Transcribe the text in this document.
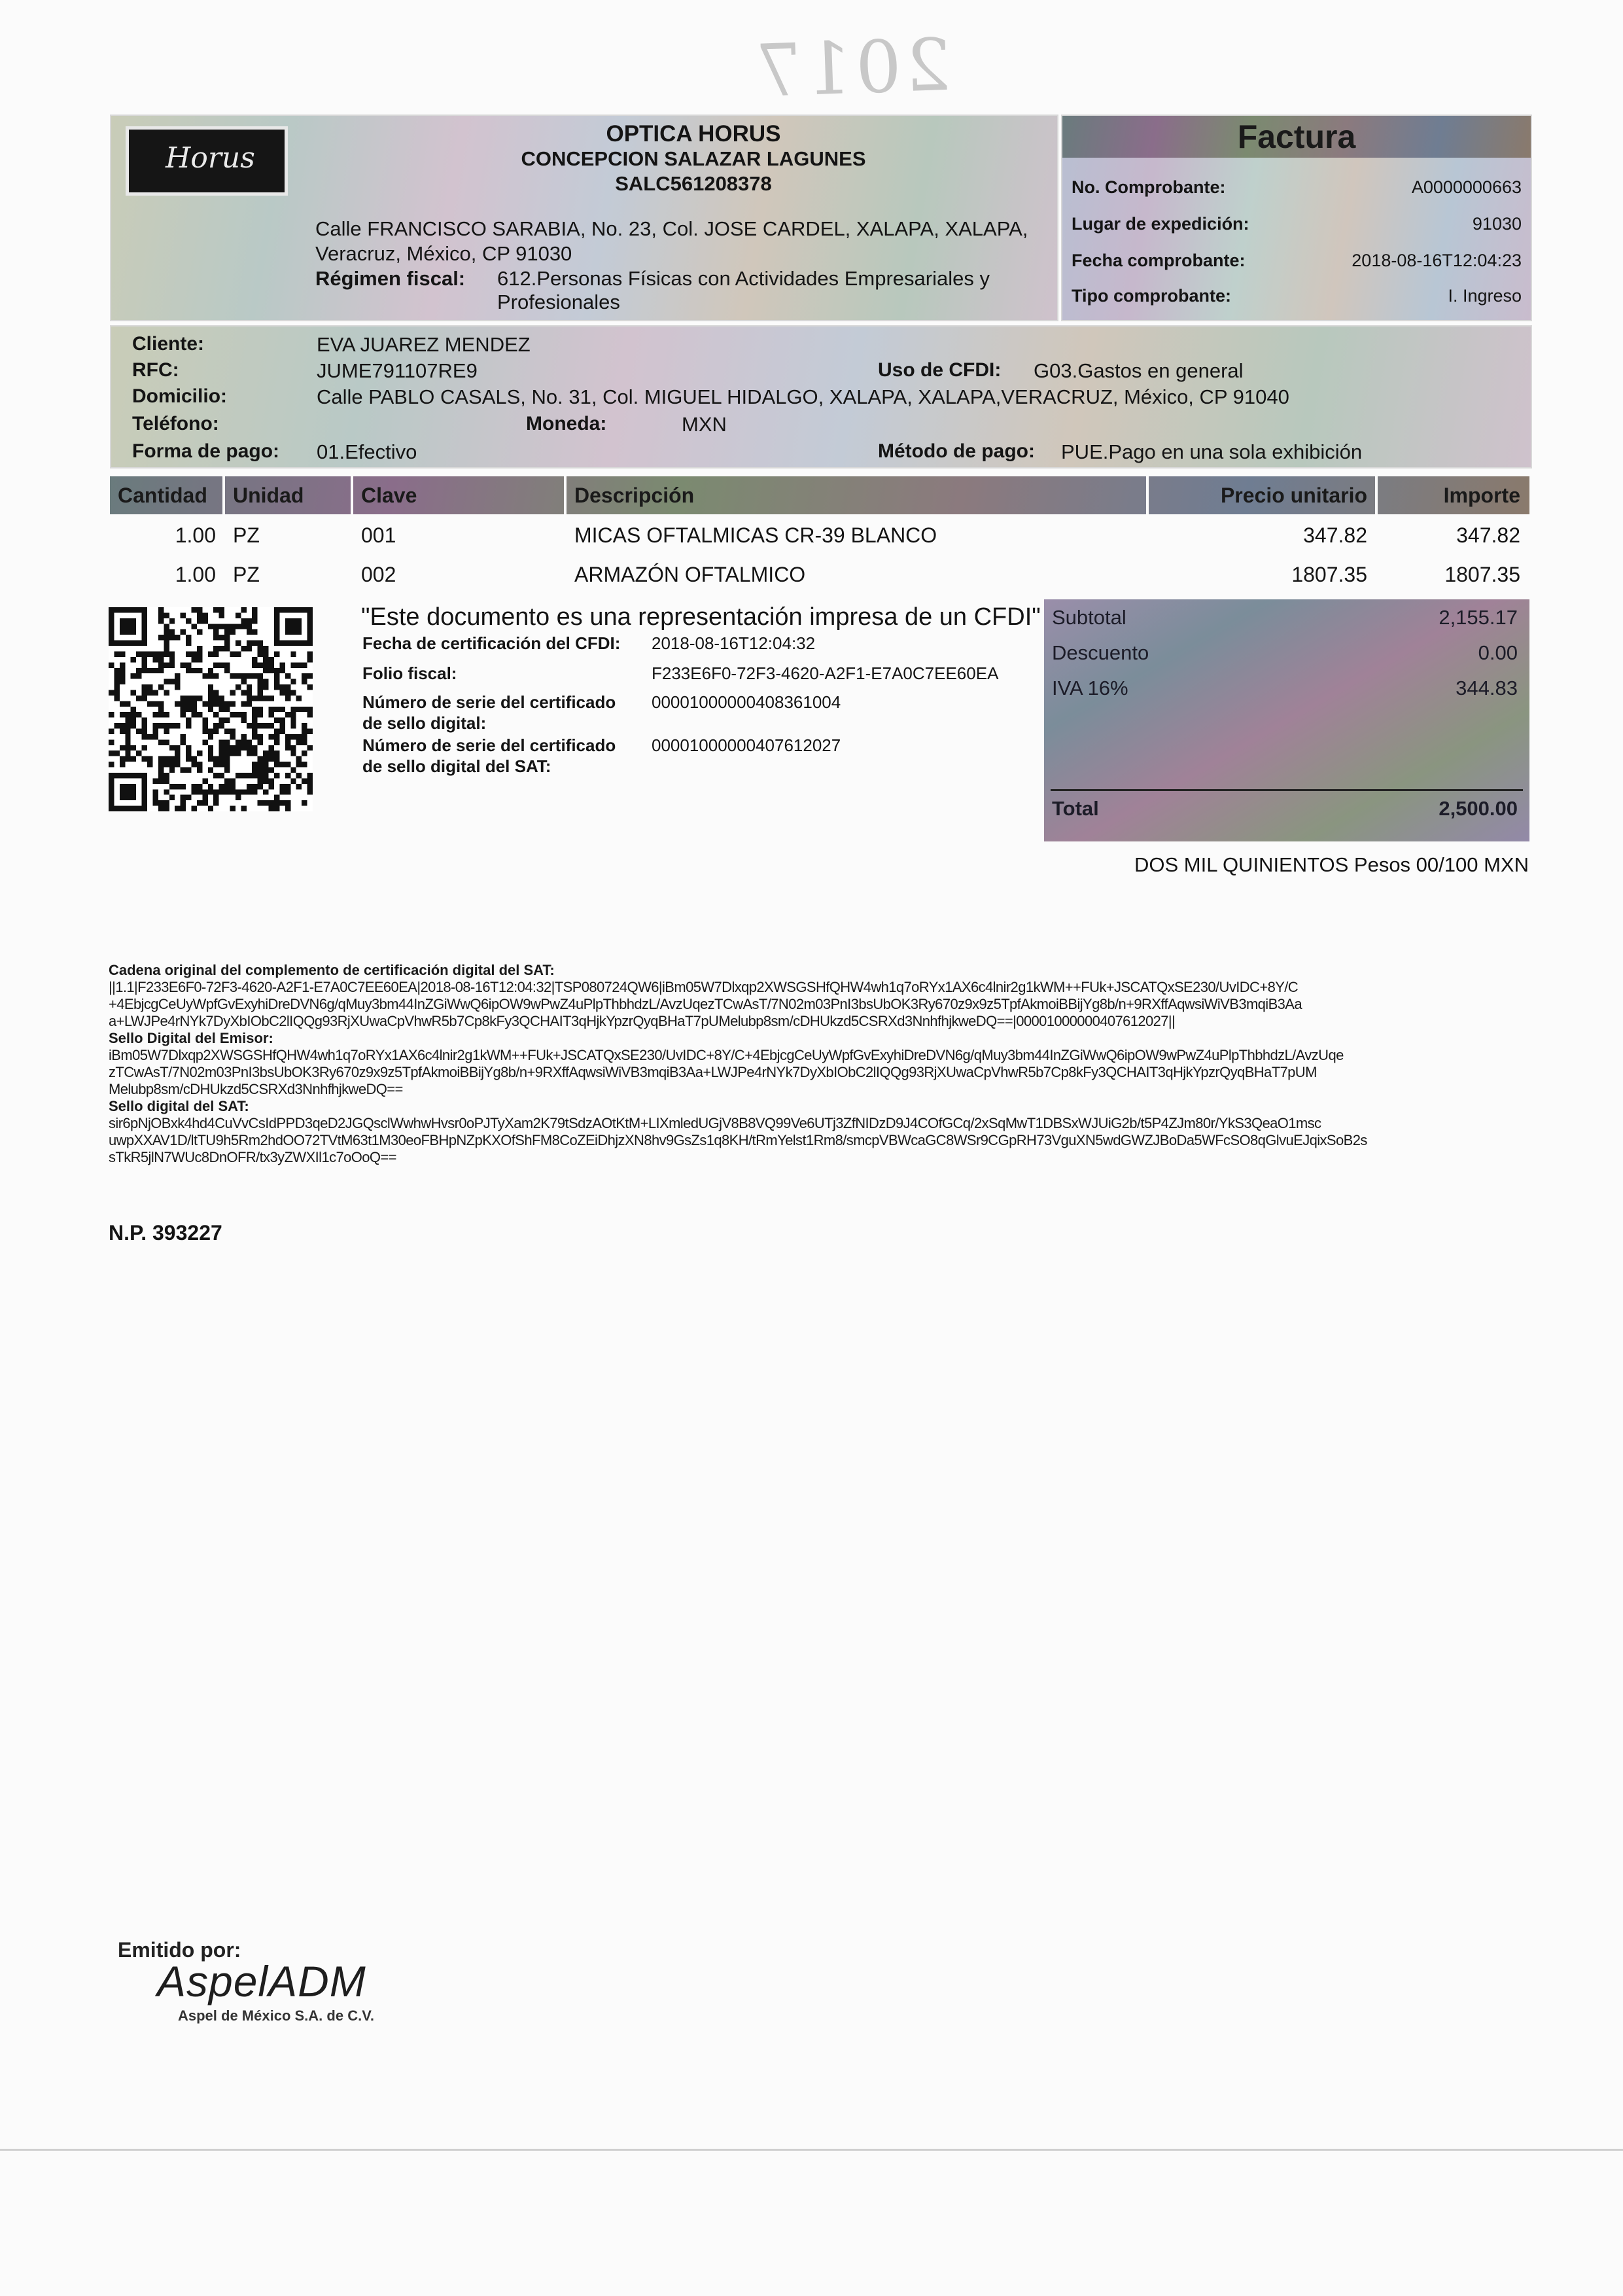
2017
Horus
OPTICA HORUS
CONCEPCION SALAZAR LAGUNES
SALC561208378
Calle FRANCISCO SARABIA, No. 23, Col. JOSE CARDEL, XALAPA, XALAPA,
Veracruz, México, CP 91030
Régimen fiscal: 612.Personas Físicas con Actividades Empresariales y
Profesionales
Factura
No. Comprobante:	A0000000663
Lugar de expedición:	91030
Fecha comprobante:	2018-08-16T12:04:23
Tipo comprobante:	I. Ingreso
Cliente:	EVA JUAREZ MENDEZ
RFC:	JUME791107RE9	Uso de CFDI: G03.Gastos en general
Domicilio:	Calle PABLO CASALS, No. 31, Col. MIGUEL HIDALGO, XALAPA, XALAPA,VERACRUZ, México, CP 91040
Teléfono:	Moneda:	MXN
Forma de pago: 01.Efectivo	Método de pago: PUE.Pago en una sola exhibición
Cantidad Unidad	Clave	Descripción	Precio unitario	Importe
1.00 PZ	001	MICAS OFTALMICAS CR-39 BLANCO	347.82	347.82
1.00 PZ	002	ARMAZÓN OFTALMICO	1807.35	1807.35
"Este documento es una representación impresa de un CFDI"
Fecha de certificación del CFDI: 2018-08-16T12:04:32
Folio fiscal:	F233E6F0-72F3-4620-A2F1-E7A0C7EE60EA
Número de serie del certificado
de sello digital:
00001000000408361004
Número de serie del certificado
de sello digital del SAT:
00001000000407612027
Subtotal	2,155.17
Descuento	0.00
IVA 16%	344.83
Total	2,500.00
DOS MIL QUINIENTOS Pesos 00/100 MXN
Cadena original del complemento de certificación digital del SAT:
||1.1|F233E6F0-72F3-4620-A2F1-E7A0C7EE60EA|2018-08-16T12:04:32|TSP080724QW6|iBm05W7Dlxqp2XWSGSHfQHW4wh1q7oRYx1AX6c4lnir2g1kWM++FUk+JSCATQxSE230/UvIDC+8Y/C
+4EbjcgCeUyWpfGvExyhiDreDVN6g/qMuy3bm44InZGiWwQ6ipOW9wPwZ4uPlpThbhdzL/AvzUqezTCwAsT/7N02m03PnI3bsUbOK3Ry670z9x9z5TpfAkmoiBBijYg8b/n+9RXffAqwsiWiVB3mqiB3Aa
a+LWJPe4rNYk7DyXbIObC2lIQQg93RjXUwaCpVhwR5b7Cp8kFy3QCHAIT3qHjkYpzrQyqBHaT7pUMelubp8sm/cDHUkzd5CSRXd3NnhfhjkweDQ==|00001000000407612027||
Sello Digital del Emisor:
iBm05W7Dlxqp2XWSGSHfQHW4wh1q7oRYx1AX6c4lnir2g1kWM++FUk+JSCATQxSE230/UvIDC+8Y/C+4EbjcgCeUyWpfGvExyhiDreDVN6g/qMuy3bm44InZGiWwQ6ipOW9wPwZ4uPlpThbhdzL/AvzUqe
zTCwAsT/7N02m03PnI3bsUbOK3Ry670z9x9z5TpfAkmoiBBijYg8b/n+9RXffAqwsiWiVB3mqiB3Aa+LWJPe4rNYk7DyXbIObC2lIQQg93RjXUwaCpVhwR5b7Cp8kFy3QCHAIT3qHjkYpzrQyqBHaT7pUM
Melubp8sm/cDHUkzd5CSRXd3NnhfhjkweDQ==
Sello digital del SAT:
sir6pNjOBxk4hd4CuVvCsIdPPD3qeD2JGQsclWwhwHvsr0oPJTyXam2K79tSdzAOtKtM+LIXmledUGjV8B8VQ99Ve6UTj3ZfNIDzD9J4COfGCq/2xSqMwT1DBSxWJUiG2b/t5P4ZJm80r/YkS3QeaO1msc
uwpXXAV1D/ltTU9h5Rm2hdOO72TVtM63t1M30eoFBHpNZpKXOfShFM8CoZEiDhjzXN8hv9GsZs1q8KH/tRmYelst1Rm8/smcpVBWcaGC8WSr9CGpRH73VguXN5wdGWZJBoDa5WFcSO8qGlvuEJqixSoB2s
sTkR5jlN7WUc8DnOFR/tx3yZWXIl1c7oOoQ==
N.P. 393227
Emitido por:
AspelADM
Aspel de México S.A. de C.V.
